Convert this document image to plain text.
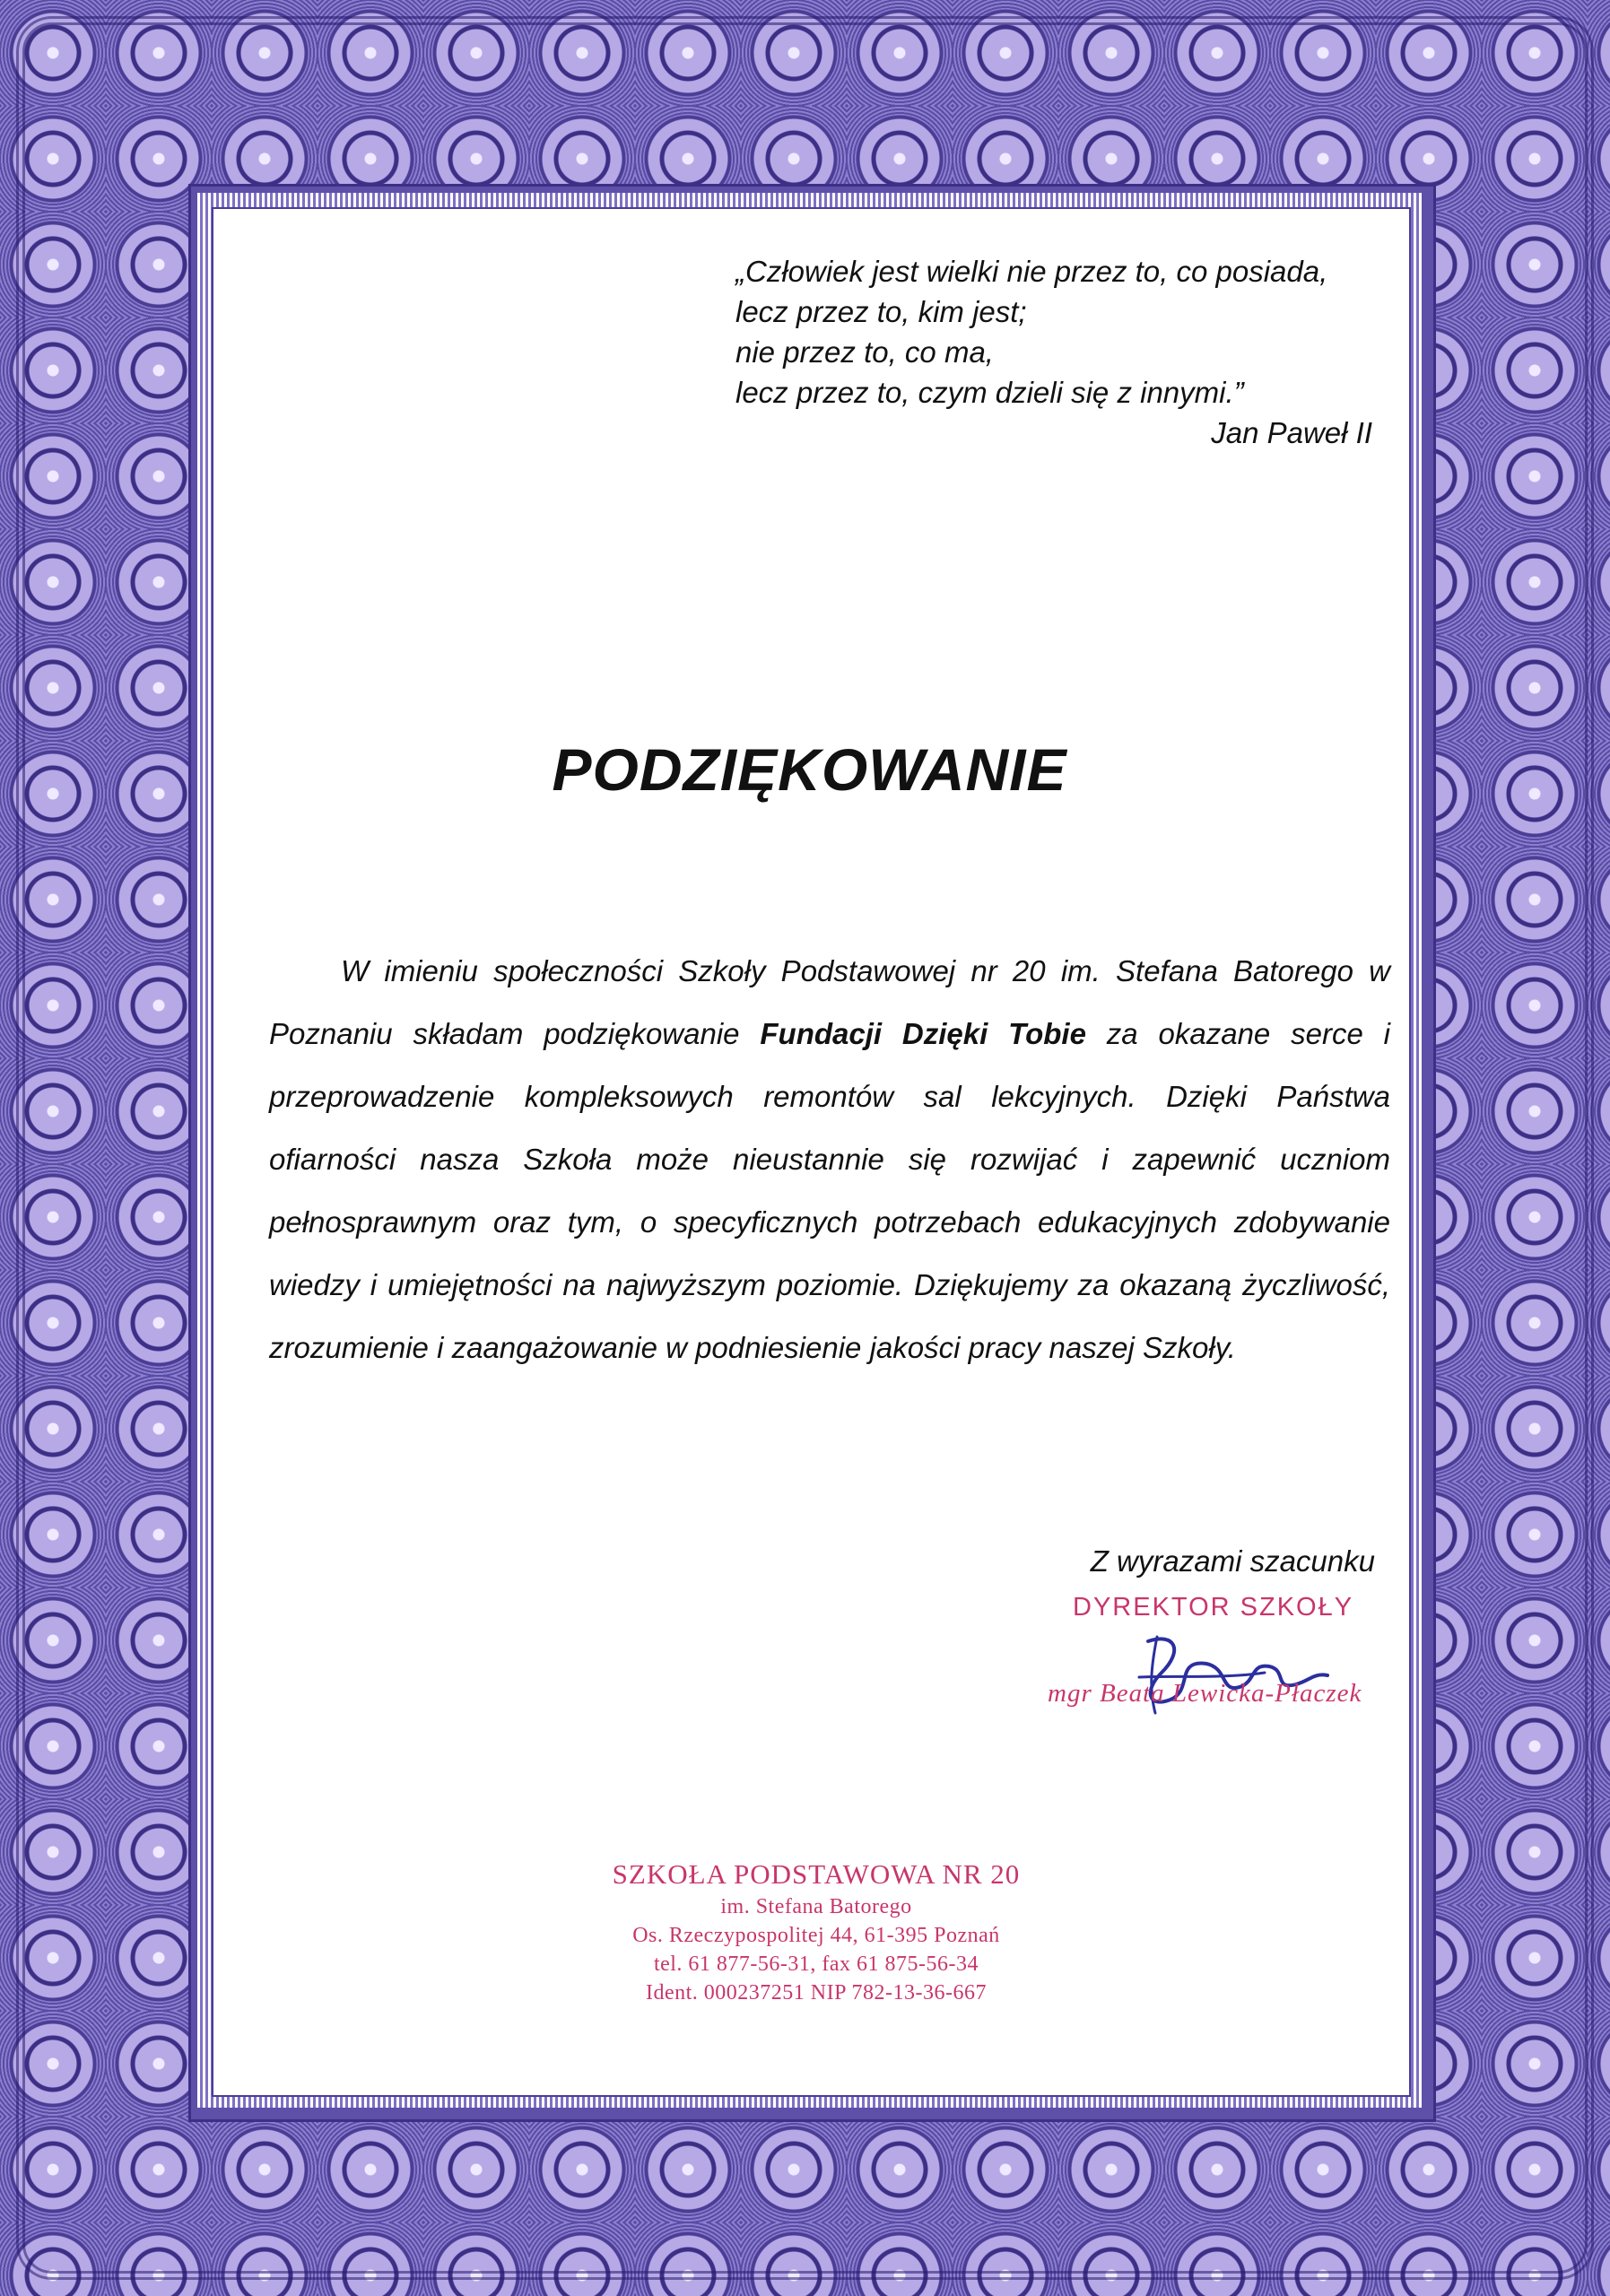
„Człowiek jest wielki nie przez to, co posiada,
lecz przez to, kim jest;
nie przez to, co ma,
lecz przez to, czym dzieli się z innymi.”
Jan Paweł II
PODZIĘKOWANIE
W imieniu społeczności Szkoły Podstawowej nr 20 im. Stefana Batorego w Poznaniu składam podziękowanie Fundacji Dzięki Tobie za okazane serce i przeprowadzenie kompleksowych remontów sal lekcyjnych. Dzięki Państwa ofiarności nasza Szkoła może nieustannie się rozwijać i zapewnić uczniom pełnosprawnym oraz tym, o specyficznych potrzebach edukacyjnych zdobywanie wiedzy i umiejętności na najwyższym poziomie. Dziękujemy za okazaną życzliwość, zrozumienie i zaangażowanie w podniesienie jakości pracy naszej Szkoły.
Z wyrazami szacunku
DYREKTOR SZKOŁY
mgr Beata Lewicka-Płaczek
SZKOŁA PODSTAWOWA NR 20
im. Stefana Batorego
Os. Rzeczypospolitej 44, 61-395 Poznań
tel. 61 877-56-31, fax 61 875-56-34
Ident. 000237251 NIP 782-13-36-667
